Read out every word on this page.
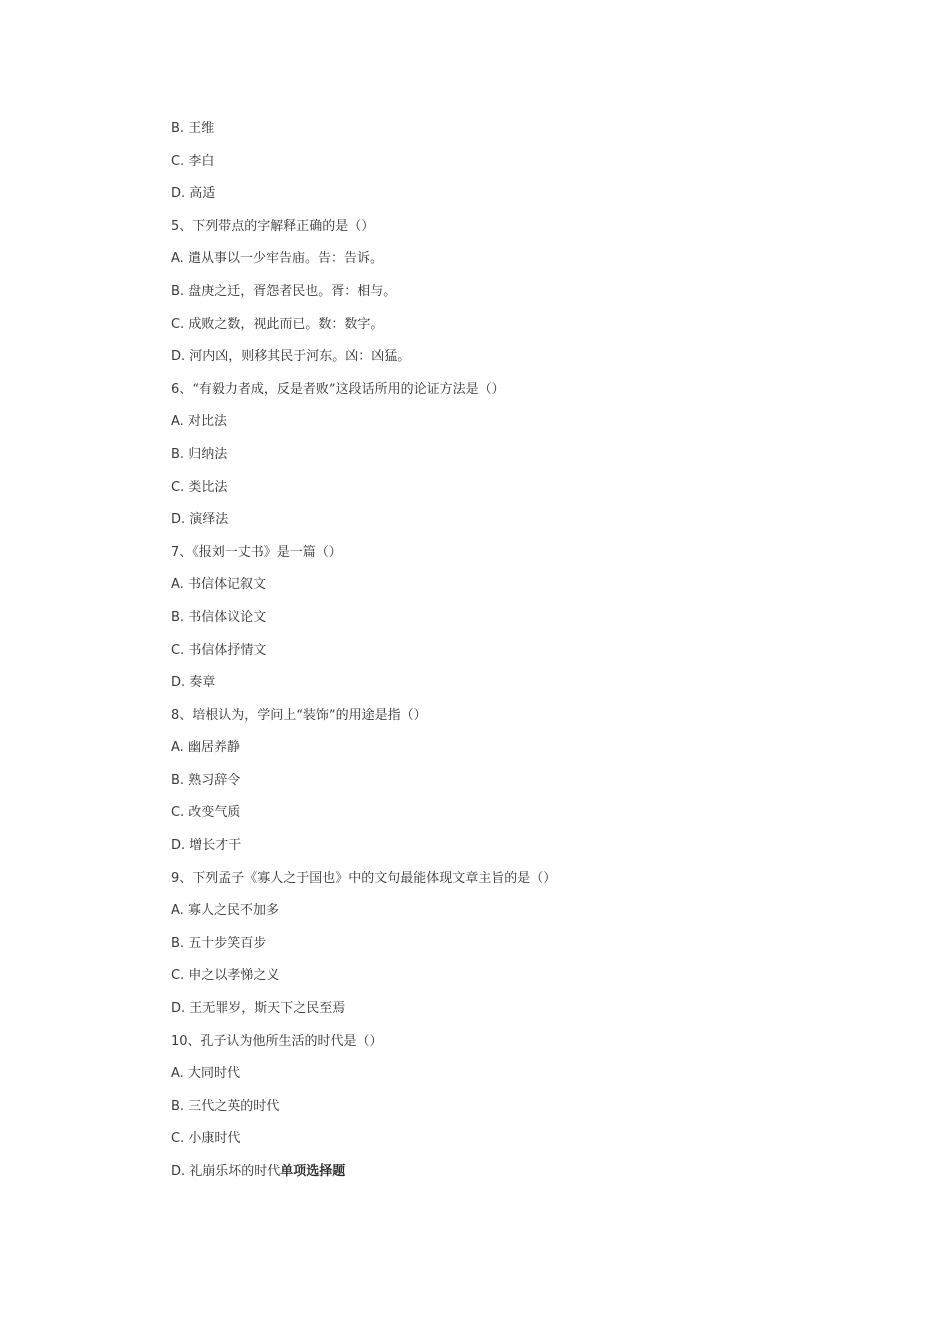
B. 王维
C. 李白
D. 高适
5、下列带点的字解释正确的是（）
A. 遣从事以一少牢告庙。告：告诉。
B. 盘庚之迁，胥怨者民也。胥：相与。
C. 成败之数，视此而已。数：数字。
D. 河内凶，则移其民于河东。凶：凶猛。
6、“有毅力者成，反是者败”这段话所用的论证方法是（）
A. 对比法
B. 归纳法
C. 类比法
D. 演绎法
7、《报刘一丈书》是一篇（）
A. 书信体记叙文
B. 书信体议论文
C. 书信体抒情文
D. 奏章
8、培根认为，学问上“装饰”的用途是指（）
A. 幽居养静
B. 熟习辞令
C. 改变气质
D. 增长才干
9、下列孟子《寡人之于国也》中的文句最能体现文章主旨的是（）
A. 寡人之民不加多
B. 五十步笑百步
C. 申之以孝悌之义
D. 王无罪岁，斯天下之民至焉
10、孔子认为他所生活的时代是（）
A. 大同时代
B. 三代之英的时代
C. 小康时代
D. 礼崩乐坏的时代单项选择题
